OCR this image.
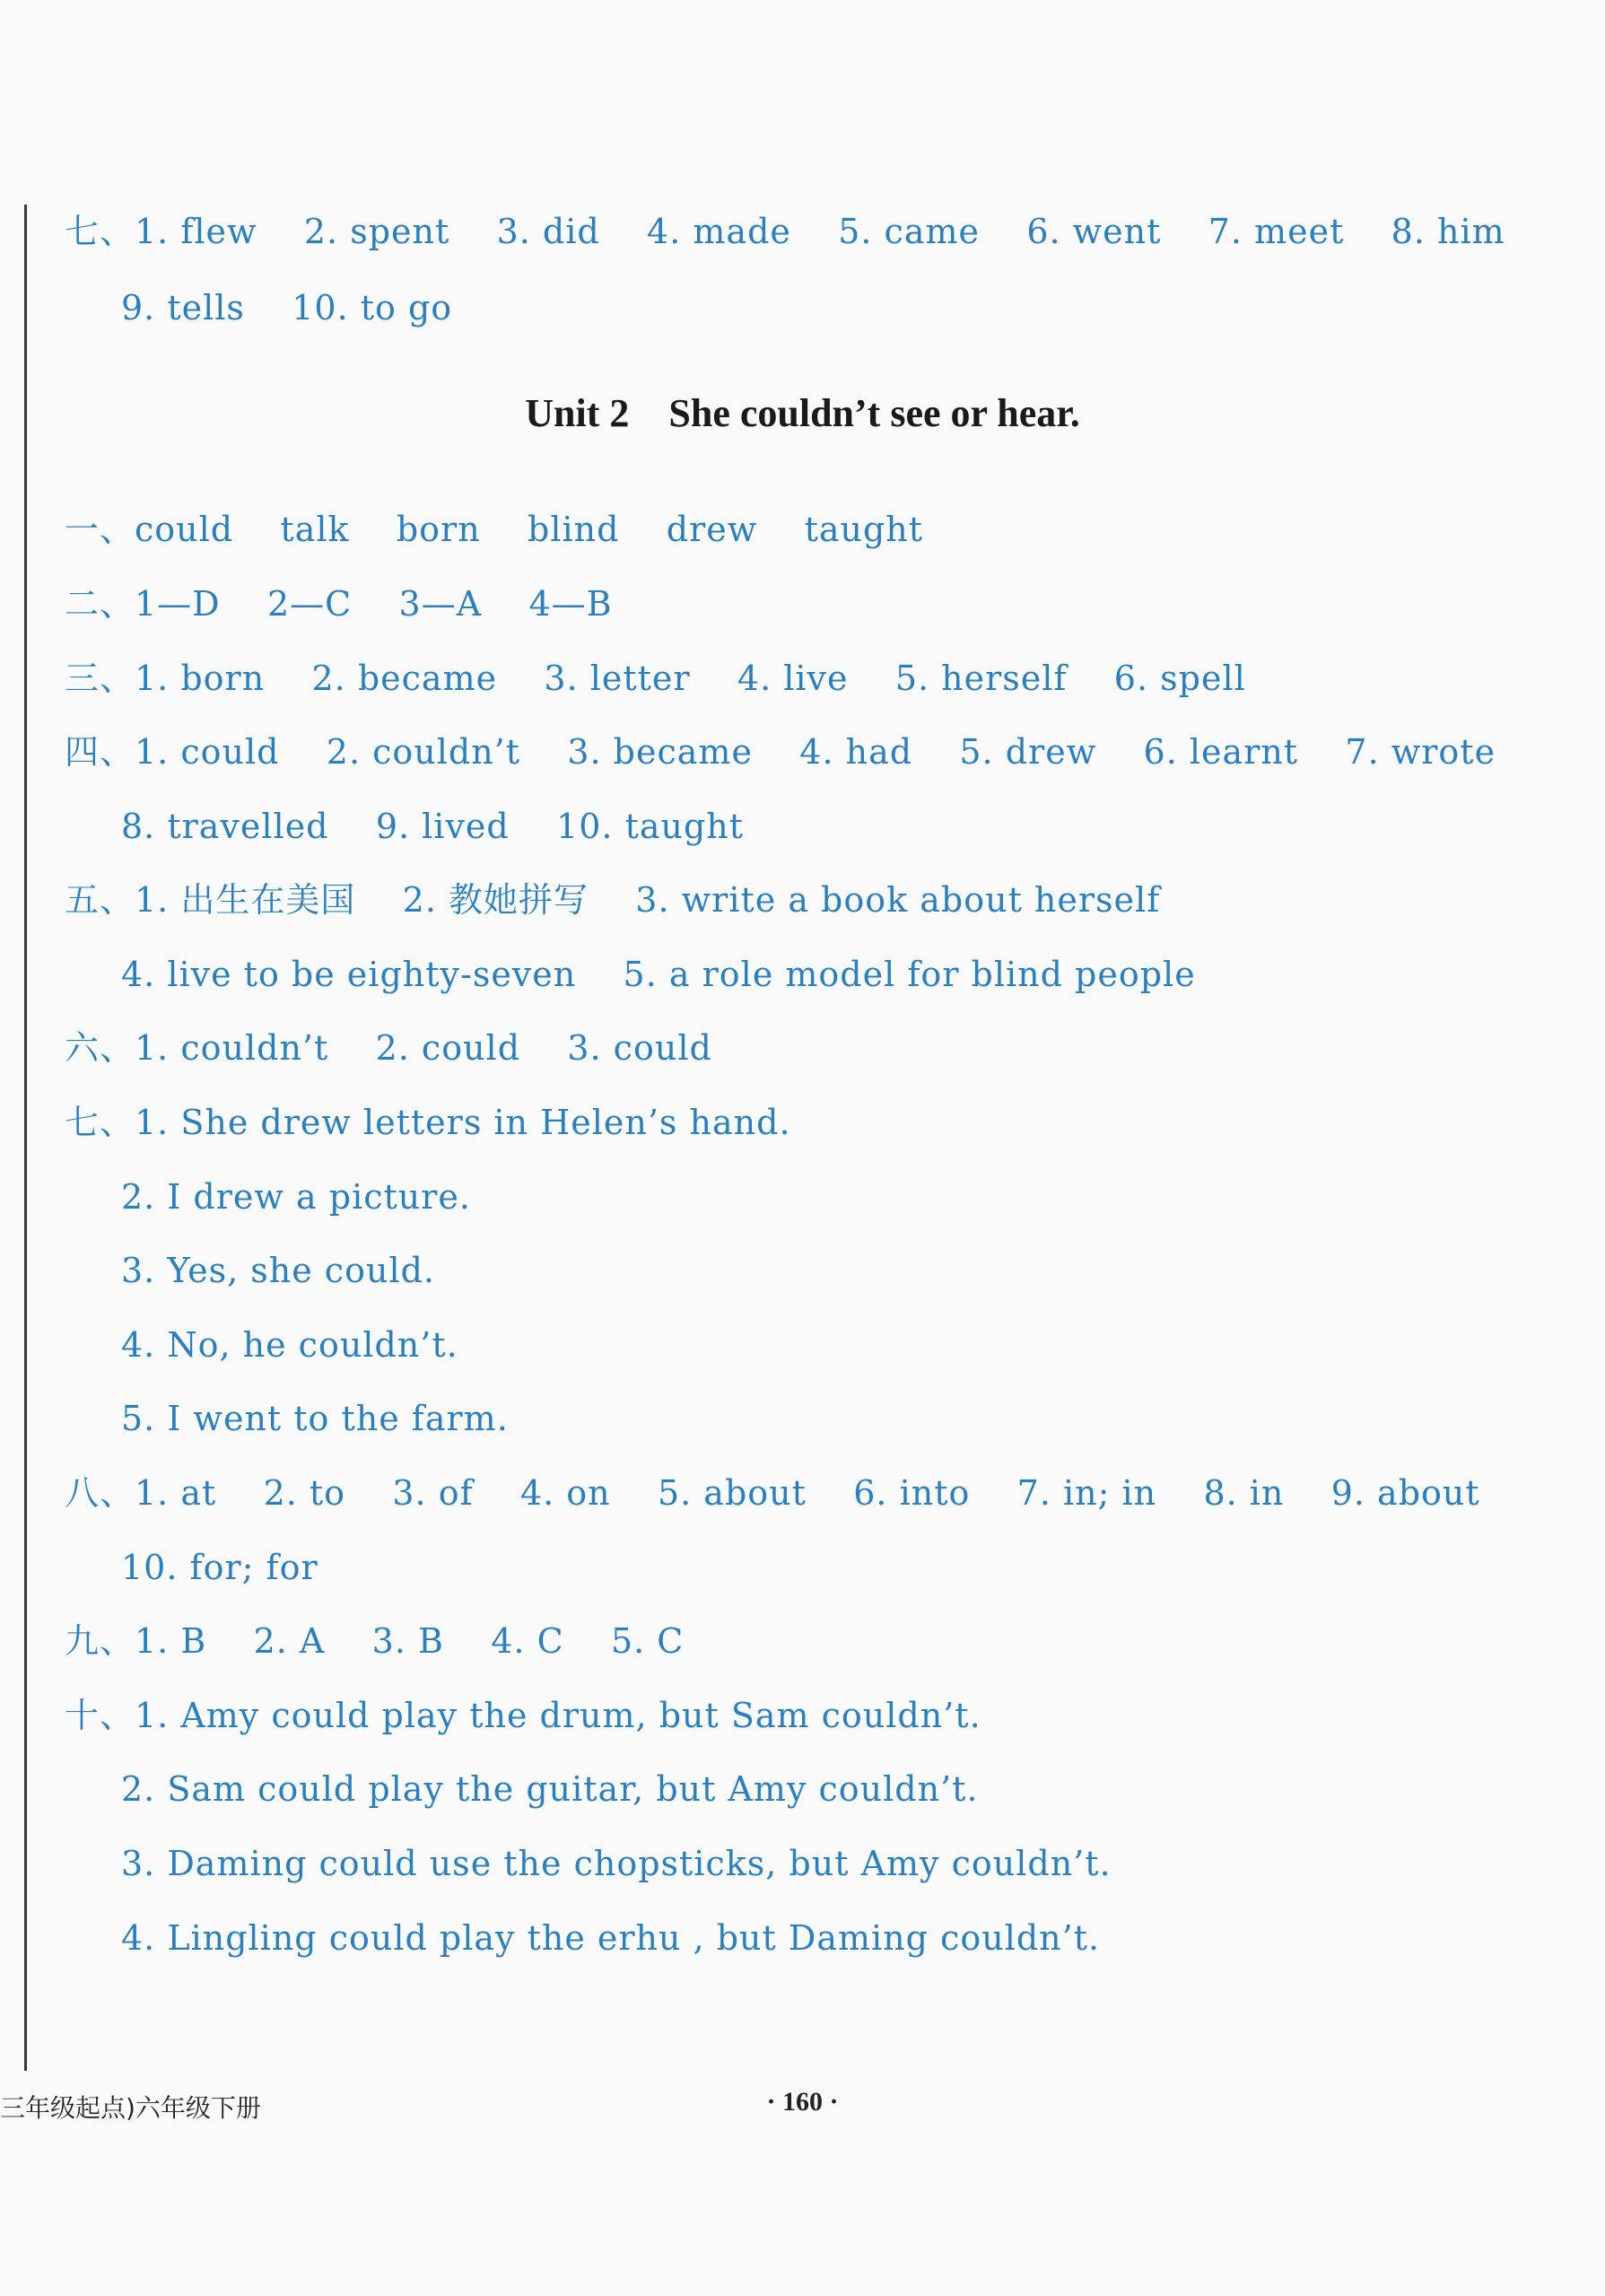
七、1. flew    2. spent    3. did    4. made    5. came    6. went    7. meet    8. him
9. tells    10. to go
Unit 2    She couldn’t see or hear.
一、could    talk    born    blind    drew    taught
二、1—D    2—C    3—A    4—B
三、1. born    2. became    3. letter    4. live    5. herself    6. spell
四、1. could    2. couldn’t    3. became    4. had    5. drew    6. learnt    7. wrote
8. travelled    9. lived    10. taught
五、1. 出生在美国    2. 教她拼写    3. write a book about herself
4. live to be eighty-seven    5. a role model for blind people
六、1. couldn’t    2. could    3. could
七、1. She drew letters in Helen’s hand.
2. I drew a picture.
3. Yes, she could.
4. No, he couldn’t.
5. I went to the farm.
八、1. at    2. to    3. of    4. on    5. about    6. into    7. in; in    8. in    9. about
10. for; for
九、1. B    2. A    3. B    4. C    5. C
十、1. Amy could play the drum, but Sam couldn’t.
2. Sam could play the guitar, but Amy couldn’t.
3. Daming could use the chopsticks, but Amy couldn’t.
4. Lingling could play the erhu , but Daming couldn’t.
三年级起点)六年级下册	· 160 ·
